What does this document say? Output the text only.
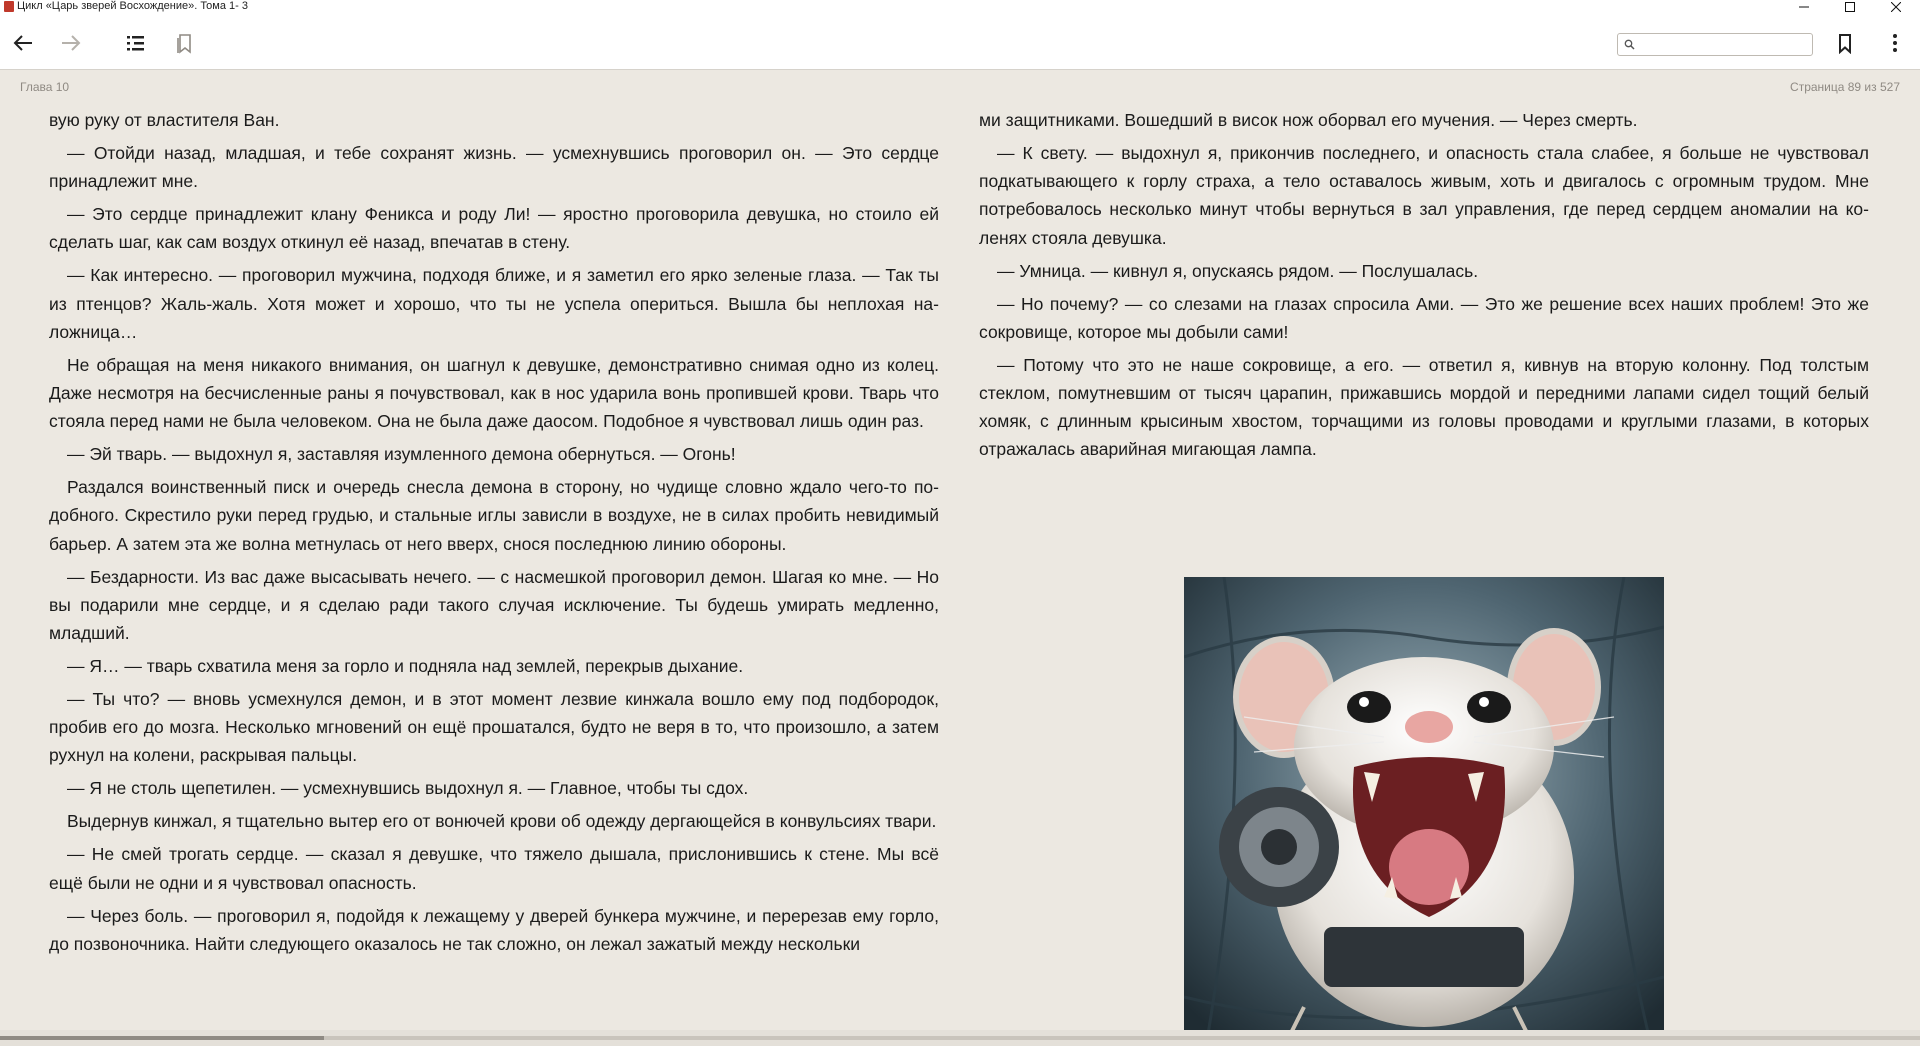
Цикл «Царь зверей Восхождение». Тома 1- 3
Глава 10	Страница 89 из 527

вую руку от властителя Ван.

— Отойди назад, младшая, и тебе сохранят жизнь. — усмехнувшись проговорил он. — Это сердце принадлежит мне.

— Это сердце принадлежит клану Феникса и роду Ли! — яростно проговорила девушка, но стоило ей сделать шаг, как сам воздух откинул её назад, впечатав в стену.

— Как интересно. — проговорил мужчина, подходя ближе, и я заметил его ярко зеленые глаза. — Так ты из птенцов? Жаль-жаль. Хотя может и хорошо, что ты не успела опериться. Вышла бы неплохая наложница…

Не обращая на меня никакого внимания, он шагнул к девушке, демонстративно снимая одно из колец. Даже несмотря на бесчисленные раны я почувствовал, как в нос ударила вонь пропившей крови. Тварь что стояла перед нами не была человеком. Она не была даже даосом. Подобное я чувствовал лишь один раз.

— Эй тварь. — выдохнул я, заставляя изумленного демона обернуться. — Огонь!

Раздался воинственный писк и очередь снесла демона в сторону, но чудище словно ждало чего-то подобного. Скрестило руки перед грудью, и стальные иглы зависли в воздухе, не в силах пробить невидимый барьер. А затем эта же волна метнулась от него вверх, снося последнюю линию обороны.

— Бездарности. Из вас даже высасывать нечего. — с насмешкой проговорил демон. Шагая ко мне. — Но вы подарили мне сердце, и я сделаю ради такого случая исключение. Ты будешь умирать медленно, младший.

— Я… — тварь схватила меня за горло и подняла над землей, перекрыв дыхание.

— Ты что? — вновь усмехнулся демон, и в этот момент лезвие кинжала вошло ему под подбородок, пробив его до мозга. Несколько мгновений он ещё прошатался, будто не веря в то, что произошло, а затем рухнул на колени, раскрывая пальцы.

— Я не столь щепетилен. — усмехнувшись выдохнул я. — Главное, чтобы ты сдох.

Выдернув кинжал, я тщательно вытер его от вонючей крови об одежду дергающейся в конвульсиях твари.

— Не смей трогать сердце. — сказал я девушке, что тяжело дышала, прислонившись к стене. Мы всё ещё были не одни и я чувствовал опасность.

— Через боль. — проговорил я, подойдя к лежащему у дверей бункера мужчине, и перерезав ему горло, до позвоночника. Найти следующего оказалось не так сложно, он лежал зажатый между нескольки

ми защитниками. Вошедший в висок нож оборвал его мучения. — Через смерть.

— К свету. — выдохнул я, прикончив последнего, и опасность стала слабее, я больше не чувствовал подкатывающего к горлу страха, а тело оставалось живым, хоть и двигалось с огромным трудом. Мне потребовалось несколько минут чтобы вернуться в зал управления, где перед сердцем аномалии на коленях стояла девушка.

— Умница. — кивнул я, опускаясь рядом. — Послушалась.

— Но почему? — со слезами на глазах спросила Ами. — Это же решение всех наших проблем! Это же сокровище, которое мы добыли сами!

— Потому что это не наше сокровище, а его. — ответил я, кивнув на вторую колонну. Под толстым стеклом, помутневшим от тысяч царапин, прижавшись мордой и передними лапами сидел тощий белый хомяк, с длинным крысиным хвостом, торчащими из головы проводами и круглыми глазами, в которых отражалась аварийная мигающая лампа.
